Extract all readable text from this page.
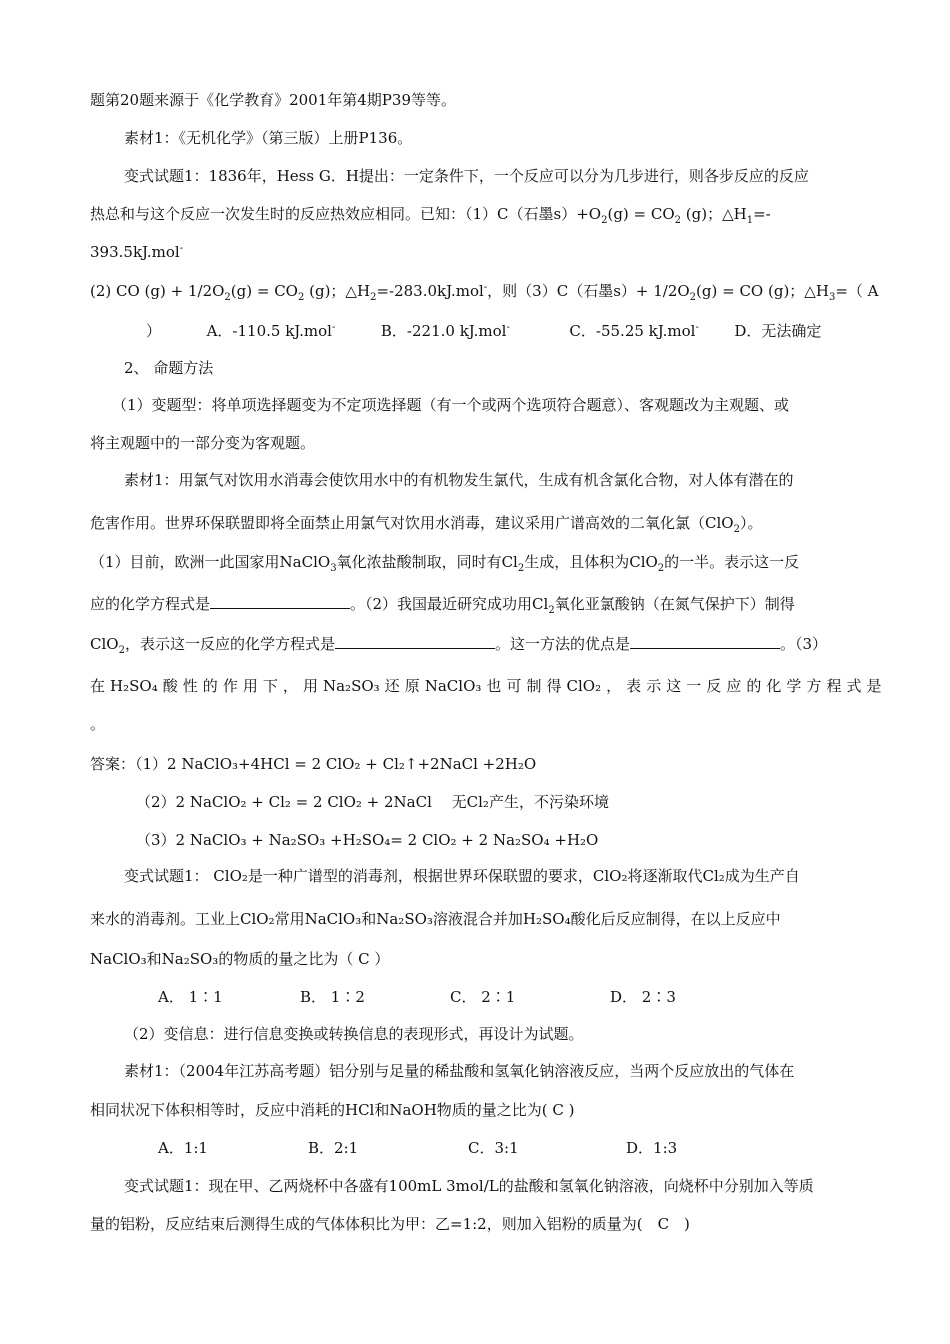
题第20题来源于《化学教育》2001年第4期P39等等。
素材1：《无机化学》（第三版）上册P136。
变式试题1：1836年，Hess G．H提出：一定条件下，一个反应可以分为几步进行，则各步反应的反应
热总和与这个反应一次发生时的反应热效应相同。已知：（1）C（石墨$s)+O_2(g) = CO_2$ (g)；$\triangle H_1=-$
393.5kJ.mol-
(2) CO $(g) + 1/2O_2(g) = CO_2$ (g)；$\triangle H_2=-283.0kJ.mol^-$，则（3）C（石墨$s)+ 1/2O_2(g)$ = CO (g)；$\triangle H_3=$（ A
）	A．-110.5 kJ.mol-	B．-221.0 kJ.mol-	C．-55.25 kJ.mol- D．无法确定
2、 命题方法
（1）变题型：将单项选择题变为不定项选择题（有一个或两个选项符合题意）、客观题改为主观题、或
将主观题中的一部分变为客观题。
素材1：用氯气对饮用水消毒会使饮用水中的有机物发生氯代，生成有机含氯化合物，对人体有潜在的
危害作用。世界环保联盟即将全面禁止用氯气对饮用水消毒，建议采用广谱高效的二氧化氯（ClO$_2$）。
（1）目前，欧洲一此国家用NaClO$_3$氧化浓盐酸制取，同时有$Cl_2$生成，且体积为ClO$_2$的一半。表示这一反
应的化学方程式是	。（2）我国最近研究成功用$Cl_2$氧化亚氯酸钠（在氮气保护下）制得
ClO$_2$，表示这一反应的化学方程式是	。这一方法的优点是	。（3）
在 H₂SO₄ 酸 性 的 作 用 下 ， 用 Na₂SO₃ 还 原 NaClO₃ 也 可 制 得 ClO₂ ， 表 示 这 一 反 应 的 化 学 方 程 式 是
。
答案：（1）2 NaClO₃+4HCl = 2 ClO₂ + Cl₂↑+2NaCl +2H₂O
（2）2 NaClO₂ + Cl₂ = 2 ClO₂ + 2NaCl　 无Cl₂产生，不污染环境
（3）2 NaClO₃ + Na₂SO₃ +H₂SO₄= 2 ClO₂ + 2 Na₂SO₄ +H₂O
变式试题1： ClO₂是一种广谱型的消毒剂，根据世界环保联盟的要求，ClO₂将逐渐取代Cl₂成为生产自
来水的消毒剂。工业上ClO₂常用NaClO₃和Na₂SO₃溶液混合并加H₂SO₄酸化后反应制得，在以上反应中
NaClO₃和Na₂SO₃的物质的量之比为（ C ）
A． 1∶1	B． 1∶2	C． 2∶1	D． 2∶3
（2）变信息：进行信息变换或转换信息的表现形式，再设计为试题。
素材1：（2004年江苏高考题）铝分别与足量的稀盐酸和氢氧化钠溶液反应，当两个反应放出的气体在
相同状况下体积相等时，反应中消耗的HCl和NaOH物质的量之比为( C )
A．1:1	B．2:1	C．3:1	D．1:3
变式试题1：现在甲、乙两烧杯中各盛有100mL 3mol/L的盐酸和氢氧化钠溶液，向烧杯中分别加入等质
量的铝粉，反应结束后测得生成的气体体积比为甲：乙=1:2，则加入铝粉的质量为(　C　)
